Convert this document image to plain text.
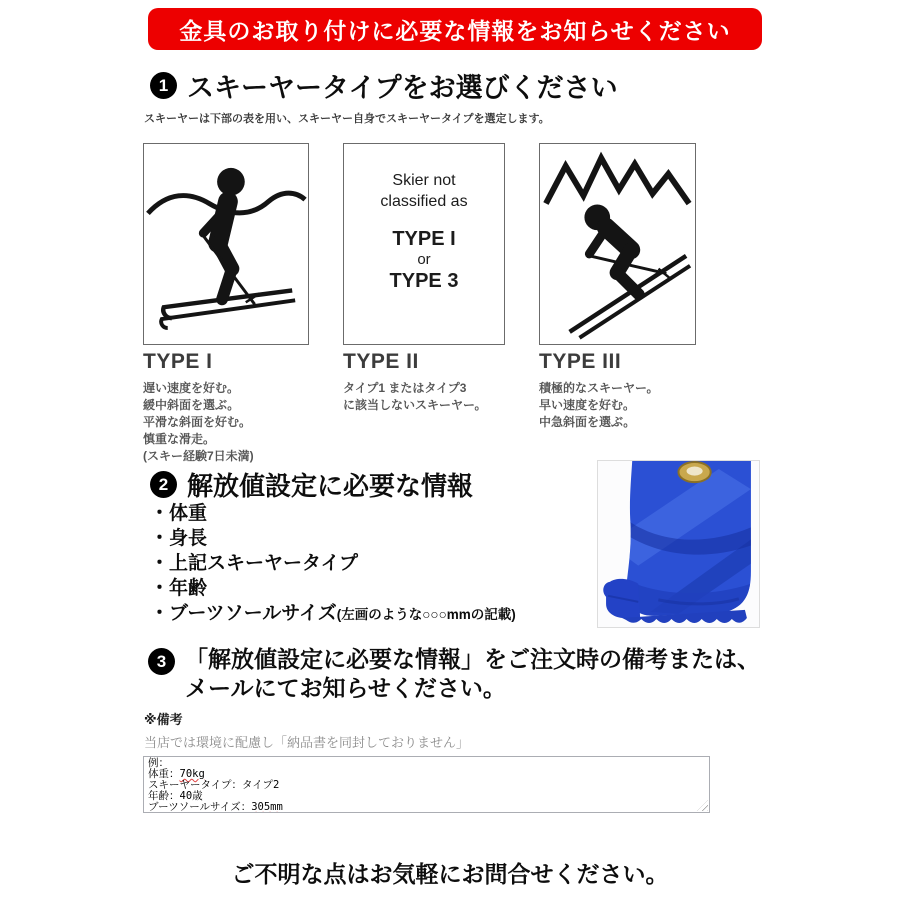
金具のお取り付けに必要な情報をお知らせください
1 スキーヤータイプをお選びください
スキーヤーは下部の表を用い、スキーヤー自身でスキーヤータイプを選定します。
TYPE I
遅い速度を好む。
緩中斜面を選ぶ。
平滑な斜面を好む。
慎重な滑走。
(スキー経験7日未満)
Skier not
classified as
TYPE I
or
TYPE 3
TYPE II
タイプ1 またはタイプ3
に該当しないスキーヤー。
TYPE III
積極的なスキーヤー。
早い速度を好む。
中急斜面を選ぶ。
2 解放値設定に必要な情報
・体重
・身長
・上記スキーヤータイプ
・年齢
・ブーツソールサイズ(左画のような○○○mmの記載)
3 「解放値設定に必要な情報」をご注文時の備考または、
メールにてお知らせください。
※備考
当店では環境に配慮し「納品書を同封しておりません」
例：
体重：70kg
スキーヤータイプ：タイプ2
年齢：40歳
ブーツソールサイズ：305mm
ご不明な点はお気軽にお問合せください。
